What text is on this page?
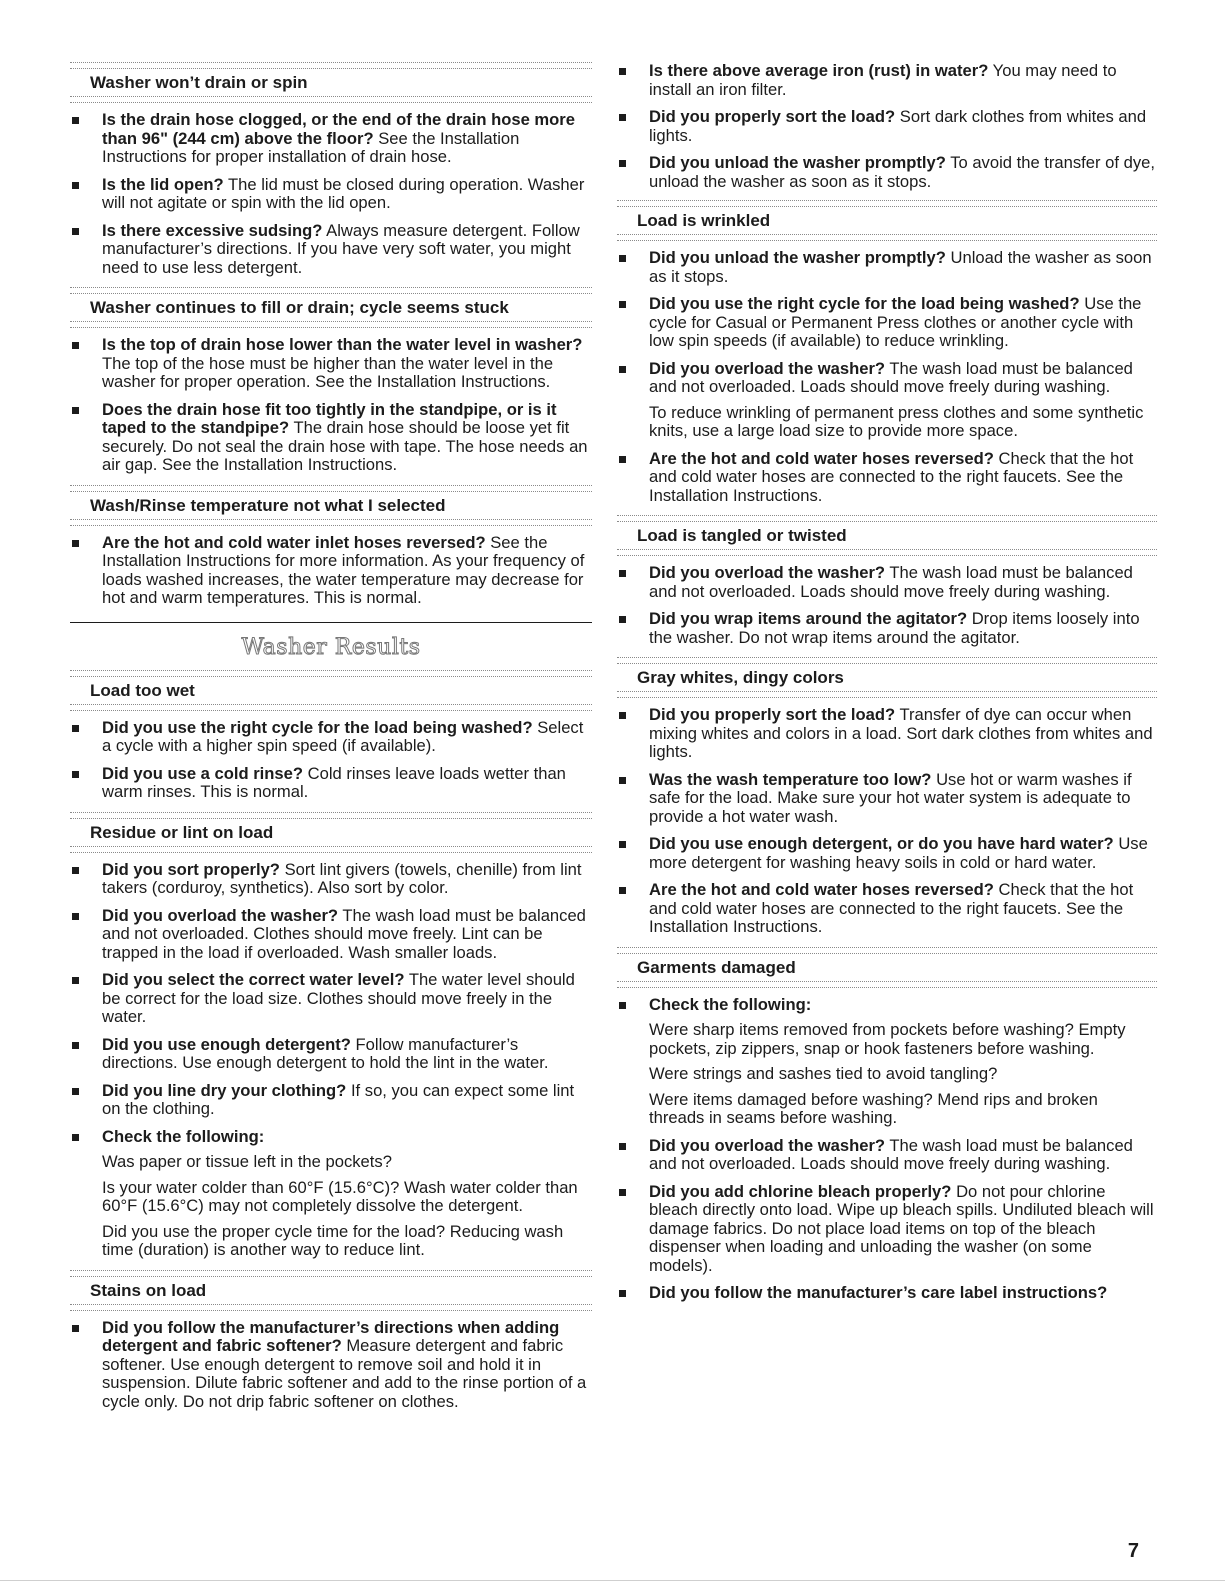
Washer won’t drain or spin
Is the drain hose clogged, or the end of the drain hose more than 96" (244 cm) above the floor? See the Installation Instructions for proper installation of drain hose.
Is the lid open? The lid must be closed during operation. Washer will not agitate or spin with the lid open.
Is there excessive sudsing? Always measure detergent. Follow manufacturer’s directions. If you have very soft water, you might need to use less detergent.
Washer continues to fill or drain; cycle seems stuck
Is the top of drain hose lower than the water level in washer? The top of the hose must be higher than the water level in the washer for proper operation. See the Installation Instructions.
Does the drain hose fit too tightly in the standpipe, or is it taped to the standpipe? The drain hose should be loose yet fit securely. Do not seal the drain hose with tape. The hose needs an air gap. See the Installation Instructions.
Wash/Rinse temperature not what I selected
Are the hot and cold water inlet hoses reversed? See the Installation Instructions for more information. As your frequency of loads washed increases, the water temperature may decrease for hot and warm temperatures. This is normal.
Washer Results
Load too wet
Did you use the right cycle for the load being washed? Select a cycle with a higher spin speed (if available).
Did you use a cold rinse? Cold rinses leave loads wetter than warm rinses. This is normal.
Residue or lint on load
Did you sort properly? Sort lint givers (towels, chenille) from lint takers (corduroy, synthetics). Also sort by color.
Did you overload the washer? The wash load must be balanced and not overloaded. Clothes should move freely. Lint can be trapped in the load if overloaded. Wash smaller loads.
Did you select the correct water level? The water level should be correct for the load size. Clothes should move freely in the water.
Did you use enough detergent? Follow manufacturer’s directions. Use enough detergent to hold the lint in the water.
Did you line dry your clothing? If so, you can expect some lint on the clothing.
Check the following:
Was paper or tissue left in the pockets?
Is your water colder than 60°F (15.6°C)? Wash water colder than 60°F (15.6°C) may not completely dissolve the detergent.
Did you use the proper cycle time for the load? Reducing wash time (duration) is another way to reduce lint.
Stains on load
Did you follow the manufacturer’s directions when adding detergent and fabric softener? Measure detergent and fabric softener. Use enough detergent to remove soil and hold it in suspension. Dilute fabric softener and add to the rinse portion of a cycle only. Do not drip fabric softener on clothes.
Is there above average iron (rust) in water? You may need to install an iron filter.
Did you properly sort the load? Sort dark clothes from whites and lights.
Did you unload the washer promptly? To avoid the transfer of dye, unload the washer as soon as it stops.
Load is wrinkled
Did you unload the washer promptly? Unload the washer as soon as it stops.
Did you use the right cycle for the load being washed? Use the cycle for Casual or Permanent Press clothes or another cycle with low spin speeds (if available) to reduce wrinkling.
Did you overload the washer? The wash load must be balanced and not overloaded. Loads should move freely during washing.
To reduce wrinkling of permanent press clothes and some synthetic knits, use a large load size to provide more space.
Are the hot and cold water hoses reversed? Check that the hot and cold water hoses are connected to the right faucets. See the Installation Instructions.
Load is tangled or twisted
Did you overload the washer? The wash load must be balanced and not overloaded. Loads should move freely during washing.
Did you wrap items around the agitator? Drop items loosely into the washer. Do not wrap items around the agitator.
Gray whites, dingy colors
Did you properly sort the load? Transfer of dye can occur when mixing whites and colors in a load. Sort dark clothes from whites and lights.
Was the wash temperature too low? Use hot or warm washes if safe for the load. Make sure your hot water system is adequate to provide a hot water wash.
Did you use enough detergent, or do you have hard water? Use more detergent for washing heavy soils in cold or hard water.
Are the hot and cold water hoses reversed? Check that the hot and cold water hoses are connected to the right faucets. See the Installation Instructions.
Garments damaged
Check the following:
Were sharp items removed from pockets before washing? Empty pockets, zip zippers, snap or hook fasteners before washing.
Were strings and sashes tied to avoid tangling?
Were items damaged before washing? Mend rips and broken threads in seams before washing.
Did you overload the washer? The wash load must be balanced and not overloaded. Loads should move freely during washing.
Did you add chlorine bleach properly? Do not pour chlorine bleach directly onto load. Wipe up bleach spills. Undiluted bleach will damage fabrics. Do not place load items on top of the bleach dispenser when loading and unloading the washer (on some models).
Did you follow the manufacturer’s care label instructions?
7
